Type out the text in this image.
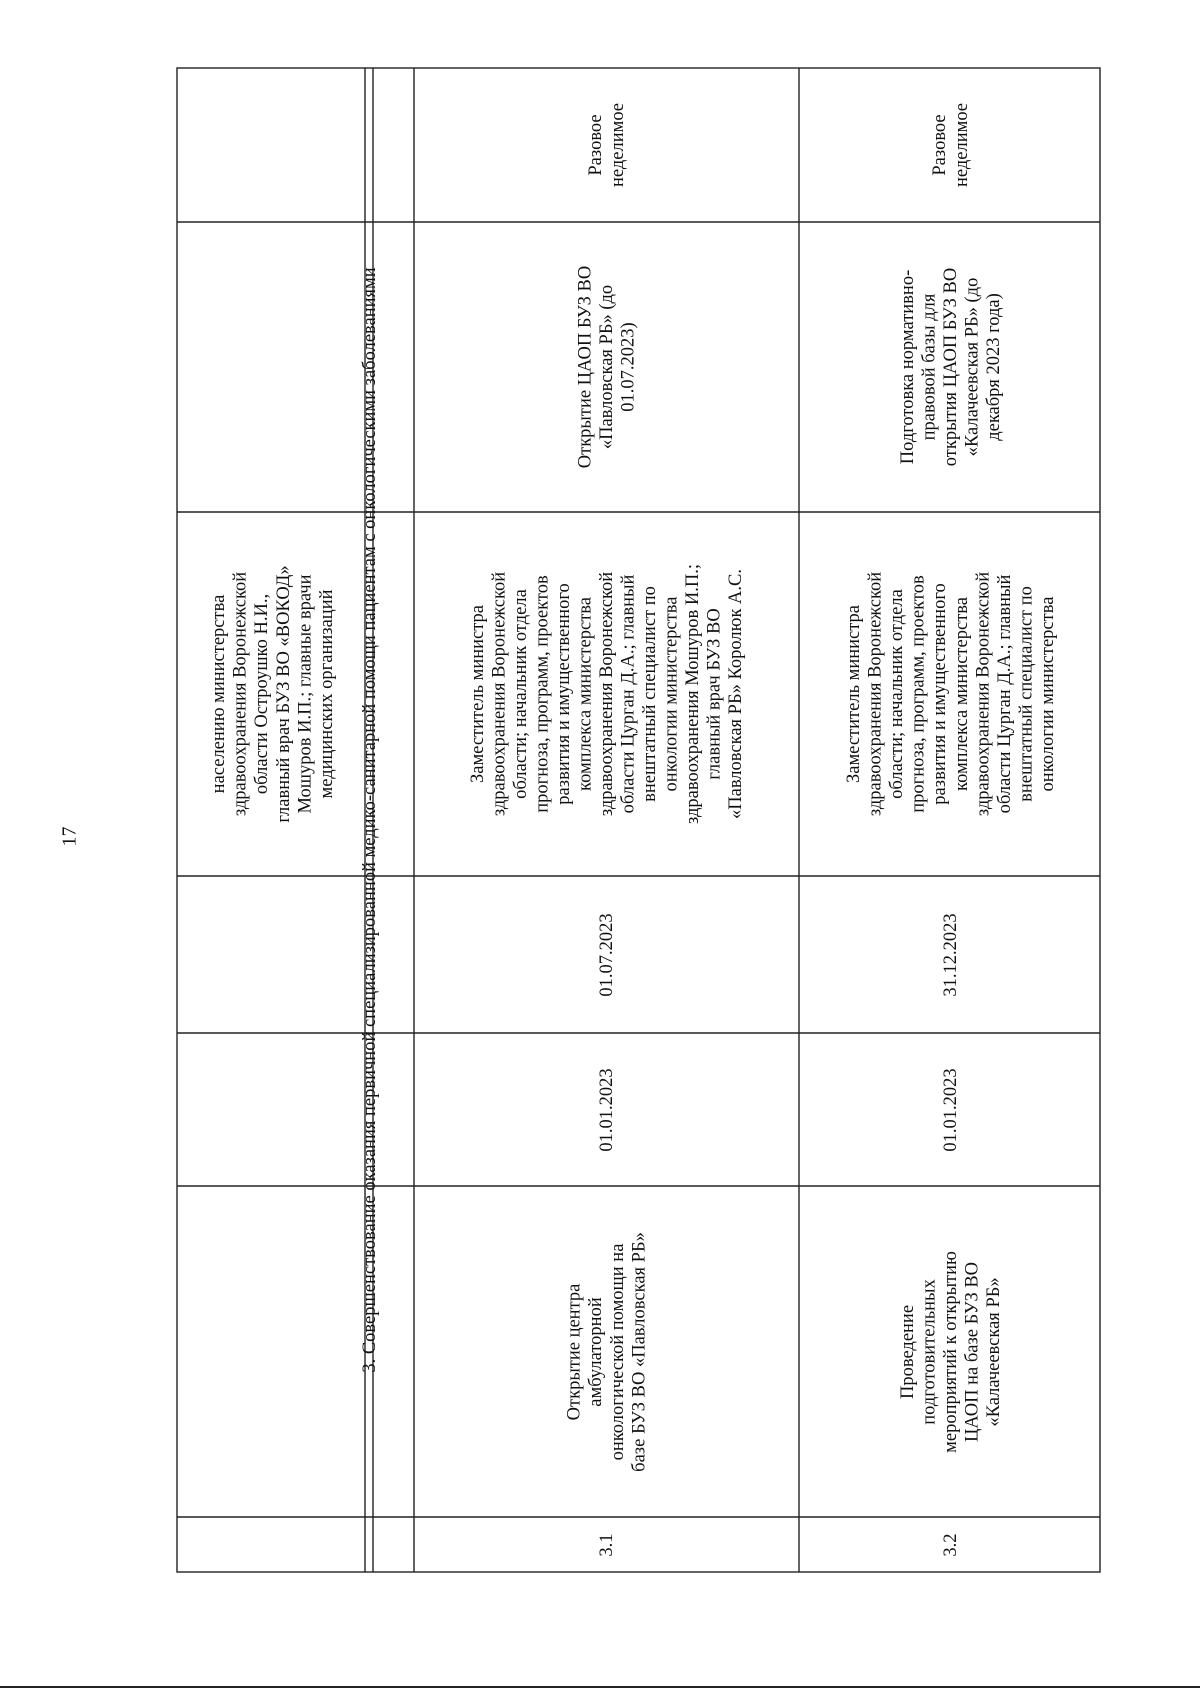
17	3. Совершенствование оказания первичной специализированной медико-санитарной помощи пациентам с онкологическими заболеваниями
населению министерства здравоохранения Воронежской области Остроушко Н.И., главный врач БУЗ ВО «ВОКОД» Мошуров И.П.; главные врачи медицинских организаций
3.1
Открытие центра амбулаторной онкологической помощи на базе БУЗ ВО «Павловская РБ»
01.01.2023
01.07.2023
Заместитель министра здравоохранения Воронежской области; начальник отдела прогноза, программ, проектов развития и имущественного комплекса министерства здравоохранения Воронежской области Цурган Д.А.; главный внештатный специалист по онкологии министерства здравоохранения Мошуров И.П.; главный врач БУЗ ВО «Павловская РБ» Королюк А.С.
Открытие ЦАОП БУЗ ВО «Павловская РБ» (до 01.07.2023)
Разовое неделимое
3.2
Проведение подготовительных мероприятий к открытию ЦАОП на базе БУЗ ВО «Калачеевская РБ»
01.01.2023
31.12.2023
Заместитель министра здравоохранения Воронежской области; начальник отдела прогноза, программ, проектов развития и имущественного комплекса министерства здравоохранения Воронежской области Цурган Д.А.; главный внештатный специалист по онкологии министерства
Подготовка нормативно- правовой базы для открытия ЦАОП БУЗ ВО «Калачеевская РБ» (до декабря 2023 года)
Разовое неделимое
